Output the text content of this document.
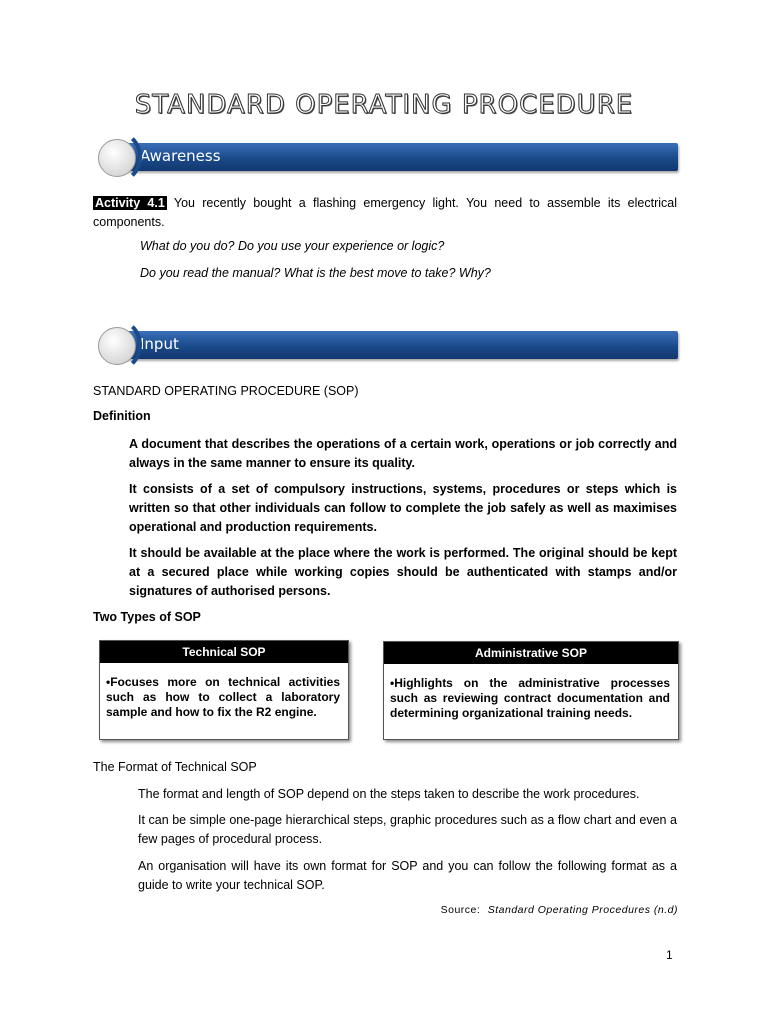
STANDARD OPERATING PROCEDURE
Awareness
Activity 4.1 You recently bought a flashing emergency light. You need to assemble its electrical components.
What do you do? Do you use your experience or logic?
Do you read the manual? What is the best move to take? Why?
Input
STANDARD OPERATING PROCEDURE (SOP)
Definition
A document that describes the operations of a certain work, operations or job correctly and always in the same manner to ensure its quality.
It consists of a set of compulsory instructions, systems, procedures or steps which is written so that other individuals can follow to complete the job safely as well as maximises operational and production requirements.
It should be available at the place where the work is performed. The original should be kept at a secured place while working copies should be authenticated with stamps and/or signatures of authorised persons.
Two Types of SOP
Technical SOP
•Focuses more on technical activities such as how to collect a laboratory sample and how to fix the R2 engine.
Administrative SOP
•Highlights on the administrative processes such as reviewing contract documentation and determining organizational training needs.
The Format of Technical SOP
The format and length of SOP depend on the steps taken to describe the work procedures.
It can be simple one-page hierarchical steps, graphic procedures such as a flow chart and even a few pages of procedural process.
An organisation will have its own format for SOP and you can follow the following format as a guide to write your technical SOP.
Source: Standard Operating Procedures (n.d)
1
